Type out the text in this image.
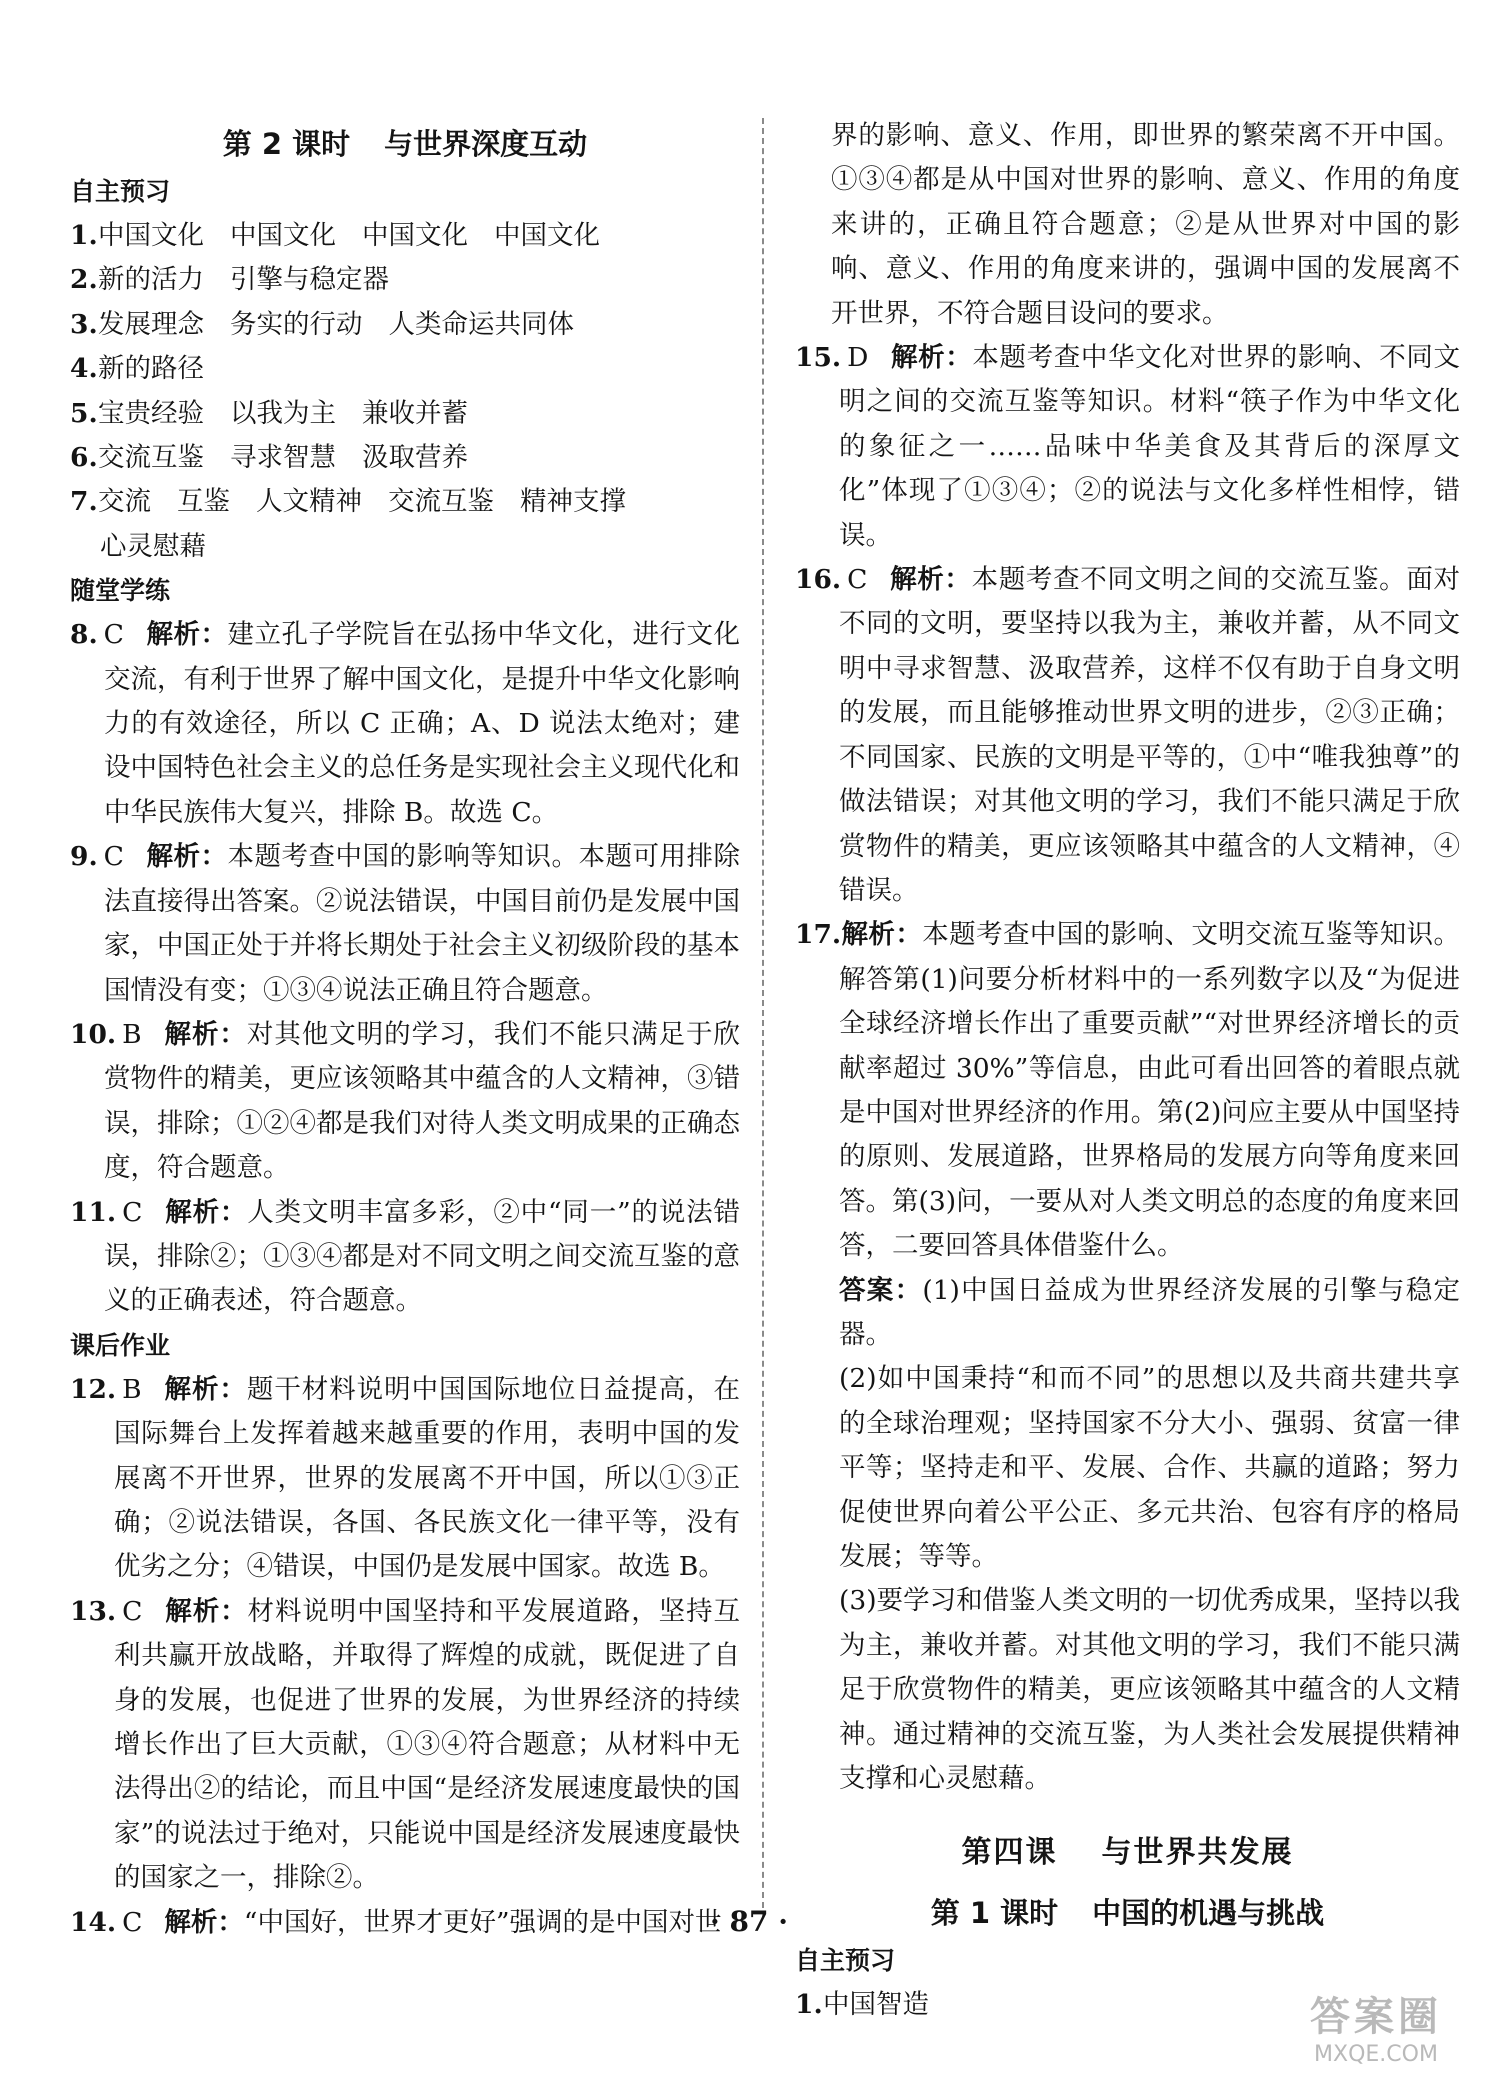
第 2 课时 与世界深度互动
自主预习
1. 中国文化 中国文化 中国文化 中国文化
2. 新的活力 引擎与稳定器
3. 发展理念 务实的行动 人类命运共同体
4. 新的路径
5. 宝贵经验 以我为主 兼收并蓄
6. 交流互鉴 寻求智慧 汲取营养
7. 交流 互鉴 人文精神 交流互鉴 精神支撑
心灵慰藉
随堂学练
8. C 解析：建立孔子学院旨在弘扬中华文化，进行文化交流，有利于世界了解中国文化，是提升中华文化影响力的有效途径，所以 C 正确；A、D 说法太绝对；建设中国特色社会主义的总任务是实现社会主义现代化和中华民族伟大复兴，排除 B。故选 C。
9. C 解析：本题考查中国的影响等知识。本题可用排除法直接得出答案。②说法错误，中国目前仍是发展中国家，中国正处于并将长期处于社会主义初级阶段的基本国情没有变；①③④说法正确且符合题意。
10. B 解析：对其他文明的学习，我们不能只满足于欣赏物件的精美，更应该领略其中蕴含的人文精神，③错误，排除；①②④都是我们对待人类文明成果的正确态度，符合题意。
11. C 解析：人类文明丰富多彩，②中“同一”的说法错误，排除②；①③④都是对不同文明之间交流互鉴的意义的正确表述，符合题意。
课后作业
12. B 解析：题干材料说明中国国际地位日益提高，在国际舞台上发挥着越来越重要的作用，表明中国的发展离不开世界，世界的发展离不开中国，所以①③正确；②说法错误，各国、各民族文化一律平等，没有优劣之分；④错误，中国仍是发展中国家。故选 B。
13. C 解析：材料说明中国坚持和平发展道路，坚持互利共赢开放战略，并取得了辉煌的成就，既促进了自身的发展，也促进了世界的发展，为世界经济的持续增长作出了巨大贡献，①③④符合题意；从材料中无法得出②的结论，而且中国“是经济发展速度最快的国家”的说法过于绝对，只能说中国是经济发展速度最快的国家之一，排除②。
14. C 解析：“中国好，世界才更好”强调的是中国对世
界的影响、意义、作用，即世界的繁荣离不开中国。①③④都是从中国对世界的影响、意义、作用的角度来讲的，正确且符合题意；②是从世界对中国的影响、意义、作用的角度来讲的，强调中国的发展离不开世界，不符合题目设问的要求。
15. D 解析：本题考查中华文化对世界的影响、不同文明之间的交流互鉴等知识。材料“筷子作为中华文化的象征之一……品味中华美食及其背后的深厚文化”体现了①③④；②的说法与文化多样性相悖，错误。
16. C 解析：本题考查不同文明之间的交流互鉴。面对不同的文明，要坚持以我为主，兼收并蓄，从不同文明中寻求智慧、汲取营养，这样不仅有助于自身文明的发展，而且能够推动世界文明的进步，②③正确；不同国家、民族的文明是平等的，①中“唯我独尊”的做法错误；对其他文明的学习，我们不能只满足于欣赏物件的精美，更应该领略其中蕴含的人文精神，④错误。
17.解析：本题考查中国的影响、文明交流互鉴等知识。解答第(1)问要分析材料中的一系列数字以及“为促进全球经济增长作出了重要贡献”“对世界经济增长的贡献率超过 30%”等信息，由此可看出回答的着眼点就是中国对世界经济的作用。第(2)问应主要从中国坚持的原则、发展道路，世界格局的发展方向等角度来回答。第(3)问，一要从对人类文明总的态度的角度来回答，二要回答具体借鉴什么。
答案：(1)中国日益成为世界经济发展的引擎与稳定器。
(2)如中国秉持“和而不同”的思想以及共商共建共享的全球治理观；坚持国家不分大小、强弱、贫富一律平等；坚持走和平、发展、合作、共赢的道路；努力促使世界向着公平公正、多元共治、包容有序的格局发展；等等。
(3)要学习和借鉴人类文明的一切优秀成果，坚持以我为主，兼收并蓄。对其他文明的学习，我们不能只满足于欣赏物件的精美，更应该领略其中蕴含的人文精神。通过精神的交流互鉴，为人类社会发展提供精神支撑和心灵慰藉。
第四课 与世界共发展
第 1 课时 中国的机遇与挑战
自主预习
1. 中国智造
· 87 ·
答案圈
MXQE.COM
